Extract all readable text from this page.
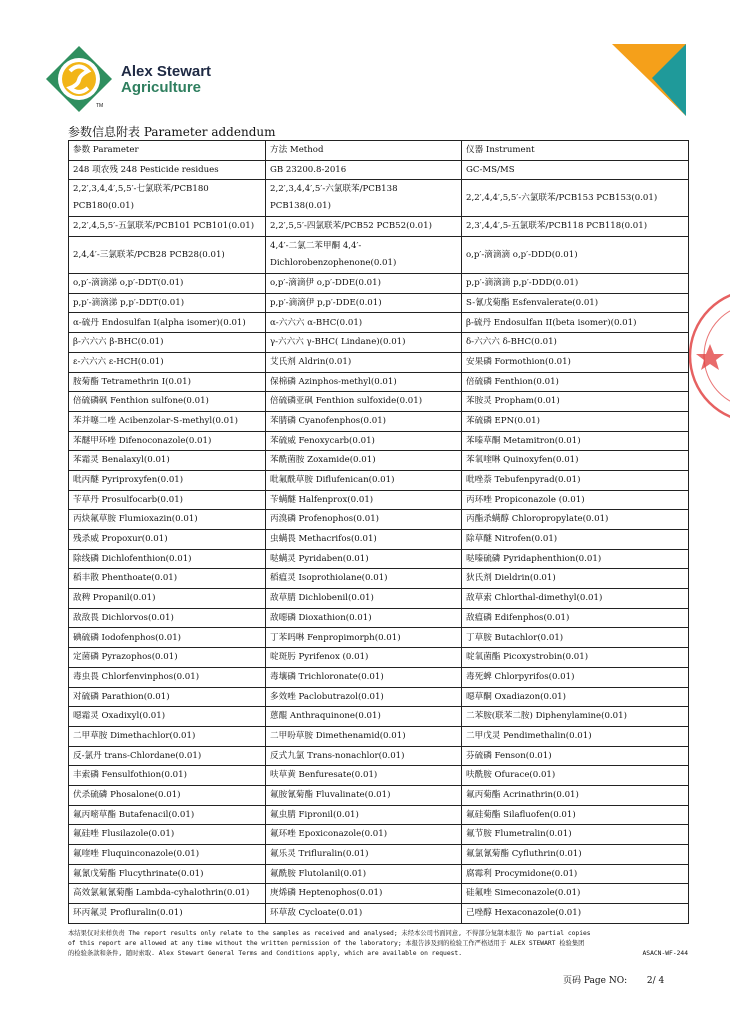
Alex Stewart
Agriculture
TM
参数信息附表 Parameter addendum
参数 Parameter	方法 Method	仪器 Instrument
248 项农残 248 Pesticide residues	GB 23200.8-2016	GC-MS/MS
2,2′,3,4,4′,5,5′-七氯联苯/PCB180 PCB180(0.01)	2,2′,3,4,4′,5′-六氯联苯/PCB138 PCB138(0.01)	2,2′,4,4′,5,5′-六氯联苯/PCB153 PCB153(0.01)
2,2′,4,5,5′-五氯联苯/PCB101 PCB101(0.01)	2,2′,5,5′-四氯联苯/PCB52 PCB52(0.01)	2,3′,4,4′,5-五氯联苯/PCB118 PCB118(0.01)
2,4,4′-三氯联苯/PCB28 PCB28(0.01)	4,4′-二氯二苯甲酮 4,4′-Dichlorobenzophenone(0.01)	o,p′-滴滴滴 o,p′-DDD(0.01)
o,p′-滴滴涕 o,p′-DDT(0.01)	o,p′-滴滴伊 o,p′-DDE(0.01)	p,p′-滴滴滴 p,p′-DDD(0.01)
p,p′-滴滴涕 p,p′-DDT(0.01)	p,p′-滴滴伊 p,p′-DDE(0.01)	S-氰戊菊酯 Esfenvalerate(0.01)
α-硫丹 Endosulfan I(alpha isomer)(0.01)	α-六六六 α-BHC(0.01)	β-硫丹 Endosulfan II(beta isomer)(0.01)
β-六六六 β-BHC(0.01)	γ-六六六 γ-BHC( Lindane)(0.01)	δ-六六六 δ-BHC(0.01)
ε-六六六 ε-HCH(0.01)	艾氏剂 Aldrin(0.01)	安果磷 Formothion(0.01)
胺菊酯 Tetramethrin I(0.01)	保棉磷 Azinphos-methyl(0.01)	倍硫磷 Fenthion(0.01)
倍硫磷砜 Fenthion sulfone(0.01)	倍硫磷亚砜 Fenthion sulfoxide(0.01)	苯胺灵 Propham(0.01)
苯并噻二唑 Acibenzolar-S-methyl(0.01)	苯腈磷 Cyanofenphos(0.01)	苯硫磷 EPN(0.01)
苯醚甲环唑 Difenoconazole(0.01)	苯硫威 Fenoxycarb(0.01)	苯嗪草酮 Metamitron(0.01)
苯霜灵 Benalaxyl(0.01)	苯酰菌胺 Zoxamide(0.01)	苯氧喹啉 Quinoxyfen(0.01)
吡丙醚 Pyriproxyfen(0.01)	吡氟酰草胺 Diflufenican(0.01)	吡唑萘 Tebufenpyrad(0.01)
苄草丹 Prosulfocarb(0.01)	苄螨醚 Halfenprox(0.01)	丙环唑 Propiconazole (0.01)
丙炔氟草胺 Flumioxazin(0.01)	丙溴磷 Profenophos(0.01)	丙酯杀螨醇 Chloropropylate(0.01)
残杀威 Propoxur(0.01)	虫螨畏 Methacrifos(0.01)	除草醚 Nitrofen(0.01)
除线磷 Dichlofenthion(0.01)	哒螨灵 Pyridaben(0.01)	哒嗪硫磷 Pyridaphenthion(0.01)
稻丰散 Phenthoate(0.01)	稻瘟灵 Isoprothiolane(0.01)	狄氏剂 Dieldrin(0.01)
敌稗 Propanil(0.01)	敌草腈 Dichlobenil(0.01)	敌草索 Chlorthal-dimethyl(0.01)
敌敌畏 Dichlorvos(0.01)	敌噁磷 Dioxathion(0.01)	敌瘟磷 Edifenphos(0.01)
碘硫磷 Iodofenphos(0.01)	丁苯吗啉 Fenpropimorph(0.01)	丁草胺 Butachlor(0.01)
定菌磷 Pyrazophos(0.01)	啶斑肟 Pyrifenox (0.01)	啶氧菌酯 Picoxystrobin(0.01)
毒虫畏 Chlorfenvinphos(0.01)	毒壤磷 Trichloronate(0.01)	毒死蜱 Chlorpyrifos(0.01)
对硫磷 Parathion(0.01)	多效唑 Paclobutrazol(0.01)	噁草酮 Oxadiazon(0.01)
噁霜灵 Oxadixyl(0.01)	蒽醌 Anthraquinone(0.01)	二苯胺(联苯二胺) Diphenylamine(0.01)
二甲草胺 Dimethachlor(0.01)	二甲吩草胺 Dimethenamid(0.01)	二甲戊灵 Pendimethalin(0.01)
反-氯丹 trans-Chlordane(0.01)	反式九氯 Trans-nonachlor(0.01)	芬硫磷 Fenson(0.01)
丰索磷 Fensulfothion(0.01)	呋草黄 Benfuresate(0.01)	呋酰胺 Ofurace(0.01)
伏杀硫磷 Phosalone(0.01)	氟胺氰菊酯 Fluvalinate(0.01)	氟丙菊酯 Acrinathrin(0.01)
氟丙嘧草酯 Butafenacil(0.01)	氟虫腈 Fipronil(0.01)	氟硅菊酯 Silafluofen(0.01)
氟硅唑 Flusilazole(0.01)	氟环唑 Epoxiconazole(0.01)	氟节胺 Flumetralin(0.01)
氟喹唑 Fluquinconazole(0.01)	氟乐灵 Trifluralin(0.01)	氟氯氰菊酯 Cyfluthrin(0.01)
氟氰戊菊酯 Flucythrinate(0.01)	氟酰胺 Flutolanil(0.01)	腐霉利 Procymidone(0.01)
高效氯氟氰菊酯 Lambda-cyhalothrin(0.01)	庚烯磷 Heptenophos(0.01)	硅氟唑 Simeconazole(0.01)
环丙氟灵 Profluralin(0.01)	环草敌 Cycloate(0.01)	己唑醇 Hexaconazole(0.01)
本结果仅对来样负责 The report results only relate to the samples as received and analysed; 未经本公司书面同意, 不得部分复制本报告 No partial copies
of this report are allowed at any time without the written permission of the laboratory; 本报告涉及到的检验工作严格适用于 ALEX STEWART 检验集团
的检验条款和条件, 随时索取. Alex Stewart General Terms and Conditions apply, which are available on request.	ASACN-WF-244
页码 Page NO: 2/ 4
